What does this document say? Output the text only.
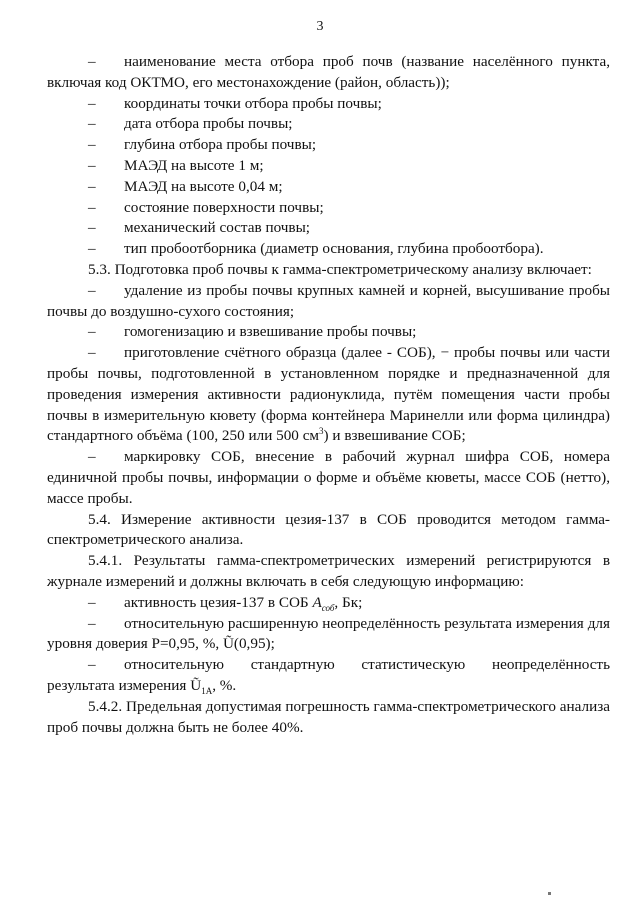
3

– наименование места отбора проб почв (название населённого пункта, включая код ОКТМО, его местонахождение (район, область));

– координаты точки отбора пробы почвы;

– дата отбора пробы почвы;

– глубина отбора пробы почвы;

– МАЭД на высоте 1 м;

– МАЭД на высоте 0,04 м;

– состояние поверхности почвы;

– механический состав почвы;

– тип пробоотборника (диаметр основания, глубина пробоотбора).

5.3. Подготовка проб почвы к гамма-спектрометрическому анализу включает:

– удаление из пробы почвы крупных камней и корней, высушивание пробы почвы до воздушно-сухого состояния;

– гомогенизацию и взвешивание пробы почвы;

– приготовление счётного образца (далее - СОБ), − пробы почвы или части пробы почвы, подготовленной в установленном порядке и предназначенной для проведения измерения активности радионуклида, путём помещения части пробы почвы в измерительную кювету (форма контейнера Маринелли или форма цилиндра) стандартного объёма (100, 250 или 500 $см^3$) и взвешивание СОБ;

– маркировку СОБ, внесение в рабочий журнал шифра СОБ, номера единичной пробы почвы, информации о форме и объёме кюветы, массе СОБ (нетто), массе пробы.

5.4. Измерение активности цезия-137 в СОБ проводится методом гамма-спектрометрического анализа.

5.4.1. Результаты гамма-спектрометрических измерений регистрируются в журнале измерений и должны включать в себя следующую информацию:

– активность цезия-137 в СОБ $A_{соб}$, Бк;

– относительную расширенную неопределённость результата измерения для уровня доверия Р=0,95, %, Ũ(0,95);

– относительную стандартную статистическую неопределённость результата измерения $Ũ_{1А}$, %.

5.4.2. Предельная допустимая погрешность гамма-спектрометрического анализа проб почвы должна быть не более 40%.
